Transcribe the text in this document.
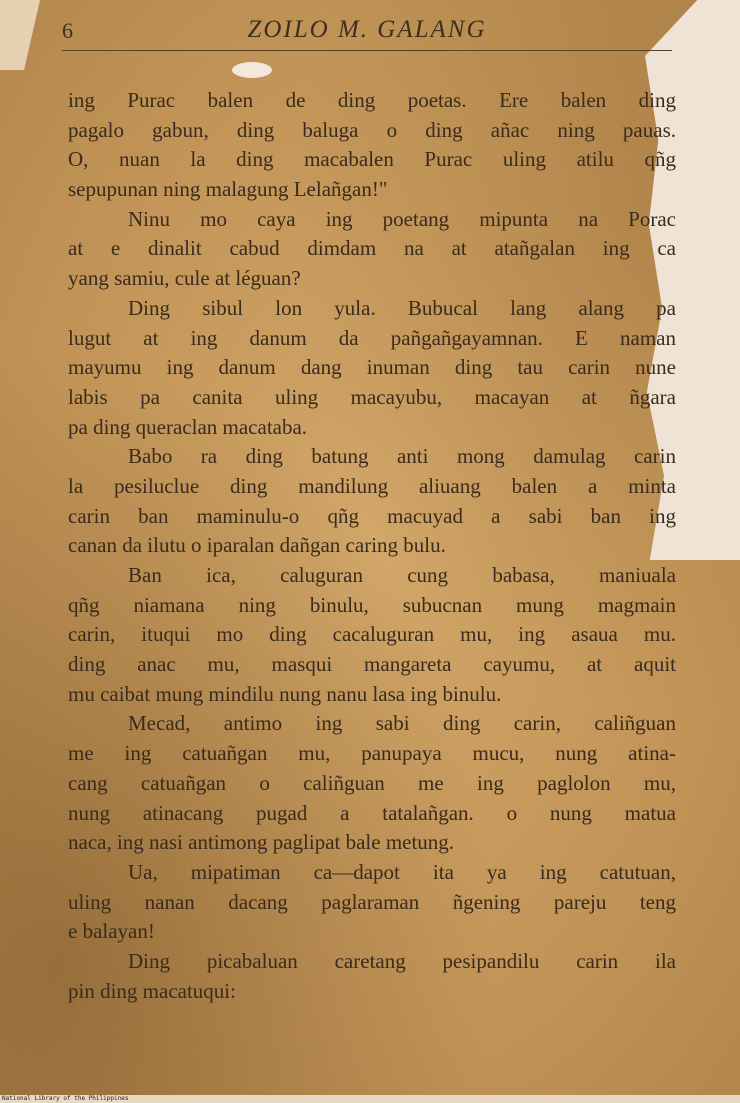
6	ZOILO M. GALANG
ing Purac balen de ding poetas. Ere balen ding
pagalo gabun, ding baluga o ding añac ning pauas.
O, nuan la ding macabalen Purac uling atilu qñg
sepupunan ning malagung Lelañgan!"
Ninu mo caya ing poetang mipunta na Porac
at e dinalit cabud dimdam na at atañgalan ing ca
yang samiu, cule at léguan?
Ding sibul lon yula. Bubucal lang alang pa
lugut at ing danum da pañgañgayamnan. E naman
mayumu ing danum dang inuman ding tau carin nune
labis pa canita uling macayubu, macayan at ñgara
pa ding queraclan macataba.
Babo ra ding batung anti mong damulag carin
la pesiluclue ding mandilung aliuang balen a minta
carin ban maminulu-o qñg macuyad a sabi ban ing
canan da ilutu o iparalan dañgan caring bulu.
Ban ica, caluguran cung babasa, maniuala
qñg niamana ning binulu, subucnan mung magmain
carin, ituqui mo ding cacaluguran mu, ing asaua mu.
ding anac mu, masqui mangareta cayumu, at aquit
mu caibat mung mindilu nung nanu lasa ing binulu.
Mecad, antimo ing sabi ding carin, caliñguan
me ing catuañgan mu, panupaya mucu, nung atina-
cang catuañgan o caliñguan me ing paglolon mu,
nung atinacang pugad a tatalañgan. o nung matua
naca, ing nasi antimong paglipat bale metung.
Ua, mipatiman ca—dapot ita ya ing catutuan,
uling nanan dacang paglaraman ñgening pareju teng
e balayan!
Ding picabaluan caretang pesipandilu carin ila
pin ding macatuqui:
National Library of the Philippines
